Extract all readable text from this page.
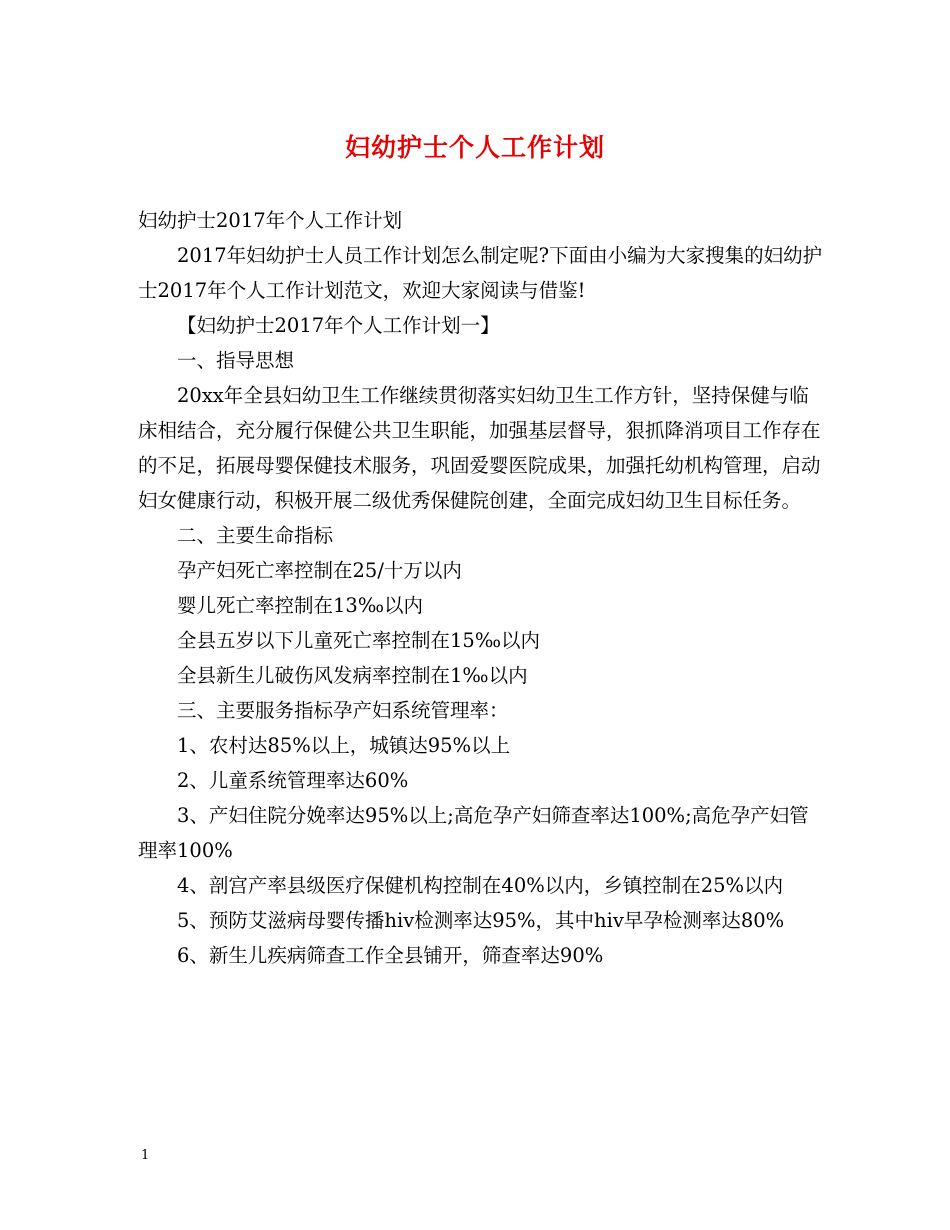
妇幼护士个人工作计划

妇幼护士2017年个人工作计划

2017年妇幼护士人员工作计划怎么制定呢?下面由小编为大家搜集的妇幼护士2017年个人工作计划范文，欢迎大家阅读与借鉴!

【妇幼护士2017年个人工作计划一】

一、指导思想

20xx年全县妇幼卫生工作继续贯彻落实妇幼卫生工作方针，坚持保健与临床相结合，充分履行保健公共卫生职能，加强基层督导，狠抓降消项目工作存在的不足，拓展母婴保健技术服务，巩固爱婴医院成果，加强托幼机构管理，启动妇女健康行动，积极开展二级优秀保健院创建，全面完成妇幼卫生目标任务。

二、主要生命指标

孕产妇死亡率控制在25/十万以内

婴儿死亡率控制在13‰以内

全县五岁以下儿童死亡率控制在15‰以内

全县新生儿破伤风发病率控制在1‰以内

三、主要服务指标孕产妇系统管理率：

1、农村达85%以上，城镇达95%以上

2、儿童系统管理率达60%

3、产妇住院分娩率达95%以上;高危孕产妇筛查率达100%;高危孕产妇管理率100%

4、剖宫产率县级医疗保健机构控制在40%以内，乡镇控制在25%以内

5、预防艾滋病母婴传播hiv检测率达95%，其中hiv早孕检测率达80%

6、新生儿疾病筛查工作全县铺开，筛查率达90%

1
